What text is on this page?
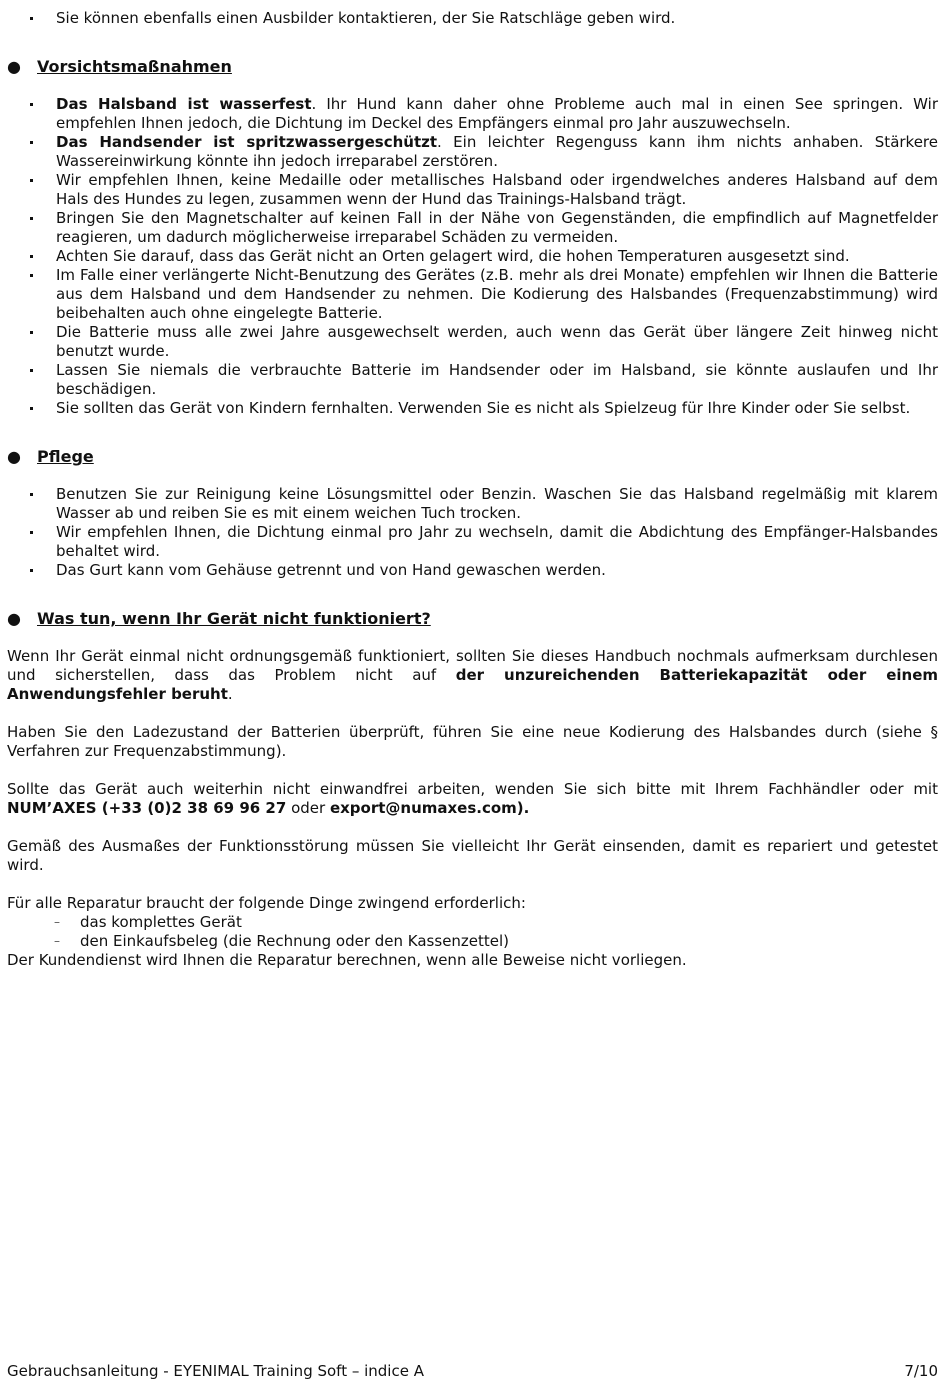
Sie können ebenfalls einen Ausbilder kontaktieren, der Sie Ratschläge geben wird.
● Vorsichtsmaßnahmen
Das Halsband ist wasserfest. Ihr Hund kann daher ohne Probleme auch mal in einen See springen. Wir empfehlen Ihnen jedoch, die Dichtung im Deckel des Empfängers einmal pro Jahr auszuwechseln.
Das Handsender ist spritzwassergeschützt. Ein leichter Regenguss kann ihm nichts anhaben. Stärkere Wassereinwirkung könnte ihn jedoch irreparabel zerstören.
Wir empfehlen Ihnen, keine Medaille oder metallisches Halsband oder irgendwelches anderes Halsband auf dem Hals des Hundes zu legen, zusammen wenn der Hund das Trainings-Halsband trägt.
Bringen Sie den Magnetschalter auf keinen Fall in der Nähe von Gegenständen, die empfindlich auf Magnetfelder reagieren, um dadurch möglicherweise irreparabel Schäden zu vermeiden.
Achten Sie darauf, dass das Gerät nicht an Orten gelagert wird, die hohen Temperaturen ausgesetzt sind.
Im Falle einer verlängerte Nicht-Benutzung des Gerätes (z.B. mehr als drei Monate) empfehlen wir Ihnen die Batterie aus dem Halsband und dem Handsender zu nehmen. Die Kodierung des Halsbandes (Frequenzabstimmung) wird beibehalten auch ohne eingelegte Batterie.
Die Batterie muss alle zwei Jahre ausgewechselt werden, auch wenn das Gerät über längere Zeit hinweg nicht benutzt wurde.
Lassen Sie niemals die verbrauchte Batterie im Handsender oder im Halsband, sie könnte auslaufen und Ihr beschädigen.
Sie sollten das Gerät von Kindern fernhalten. Verwenden Sie es nicht als Spielzeug für Ihre Kinder oder Sie selbst.
● Pflege
Benutzen Sie zur Reinigung keine Lösungsmittel oder Benzin. Waschen Sie das Halsband regelmäßig mit klarem Wasser ab und reiben Sie es mit einem weichen Tuch trocken.
Wir empfehlen Ihnen, die Dichtung einmal pro Jahr zu wechseln, damit die Abdichtung des Empfänger-Halsbandes behaltet wird.
Das Gurt kann vom Gehäuse getrennt und von Hand gewaschen werden.
● Was tun, wenn Ihr Gerät nicht funktioniert?

Wenn Ihr Gerät einmal nicht ordnungsgemäß funktioniert, sollten Sie dieses Handbuch nochmals aufmerksam durchlesen und sicherstellen, dass das Problem nicht auf der unzureichenden Batteriekapazität oder einem Anwendungsfehler beruht.

Haben Sie den Ladezustand der Batterien überprüft, führen Sie eine neue Kodierung des Halsbandes durch (siehe § Verfahren zur Frequenzabstimmung).

Sollte das Gerät auch weiterhin nicht einwandfrei arbeiten, wenden Sie sich bitte mit Ihrem Fachhändler oder mit NUM’AXES (+33 (0)2 38 69 96 27 oder export@numaxes.com).

Gemäß des Ausmaßes der Funktionsstörung müssen Sie vielleicht Ihr Gerät einsenden, damit es repariert und getestet wird.

Für alle Reparatur braucht der folgende Dinge zwingend erforderlich:
– das komplettes Gerät
– den Einkaufsbeleg (die Rechnung oder den Kassenzettel)
Der Kundendienst wird Ihnen die Reparatur berechnen, wenn alle Beweise nicht vorliegen.
Gebrauchsanleitung - EYENIMAL Training Soft – indice A	7/10
